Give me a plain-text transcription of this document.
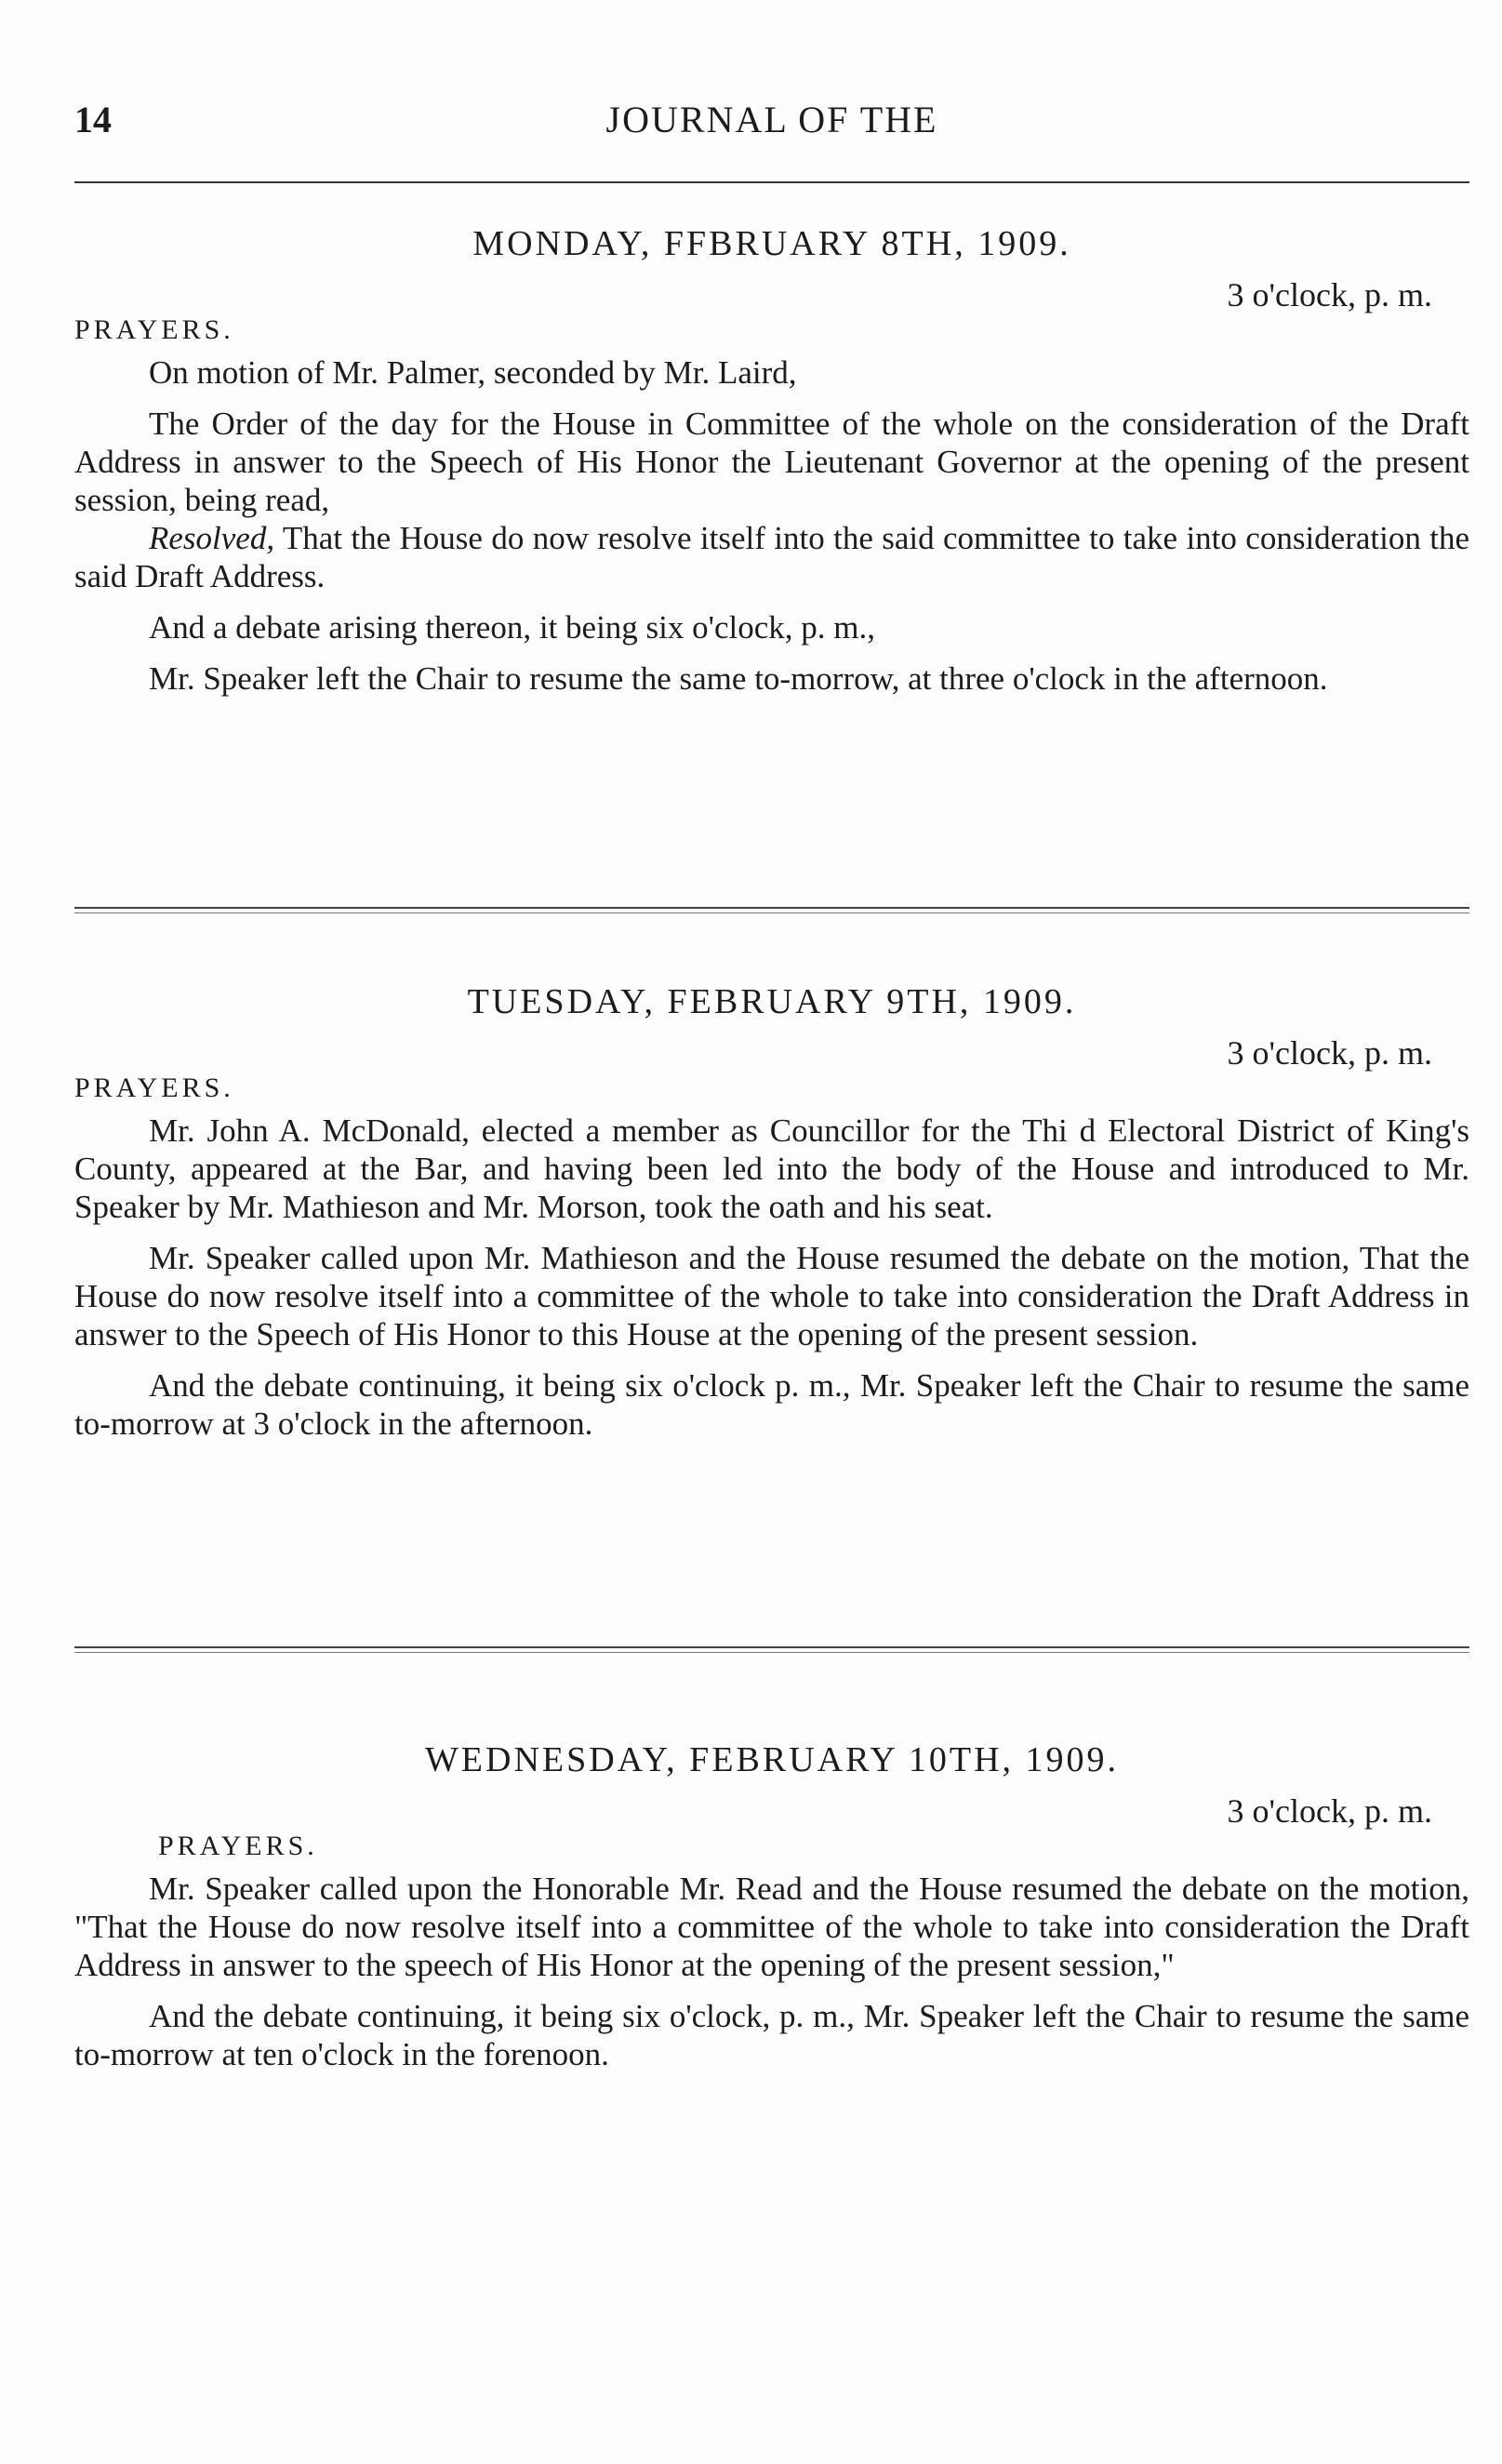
14	JOURNAL OF THE

MONDAY, FFBRUARY 8TH, 1909.

3 o'clock, p. m.

PRAYERS.

On motion of Mr. Palmer, seconded by Mr. Laird,

The Order of the day for the House in Committee of the whole on the consideration of the Draft Address in answer to the Speech of His Honor the Lieutenant Governor at the opening of the present session, being read,

Resolved, That the House do now resolve itself into the said committee to take into consideration the said Draft Address.

And a debate arising thereon, it being six o'clock, p. m.,

Mr. Speaker left the Chair to resume the same to-morrow, at three o'clock in the afternoon.

TUESDAY, FEBRUARY 9TH, 1909.

3 o'clock, p. m.

PRAYERS.

Mr. John A. McDonald, elected a member as Councillor for the Thi d Electoral District of King's County, appeared at the Bar, and having been led into the body of the House and introduced to Mr. Speaker by Mr. Mathieson and Mr. Morson, took the oath and his seat.

Mr. Speaker called upon Mr. Mathieson and the House resumed the debate on the motion, That the House do now resolve itself into a committee of the whole to take into consideration the Draft Address in answer to the Speech of His Honor to this House at the opening of the present session.

And the debate continuing, it being six o'clock p. m., Mr. Speaker left the Chair to resume the same to-morrow at 3 o'clock in the afternoon.

WEDNESDAY, FEBRUARY 10TH, 1909.

3 o'clock, p. m.

PRAYERS.

Mr. Speaker called upon the Honorable Mr. Read and the House resumed the debate on the motion, "That the House do now resolve itself into a committee of the whole to take into consideration the Draft Address in answer to the speech of His Honor at the opening of the present session,"

And the debate continuing, it being six o'clock, p. m., Mr. Speaker left the Chair to resume the same to-morrow at ten o'clock in the forenoon.
